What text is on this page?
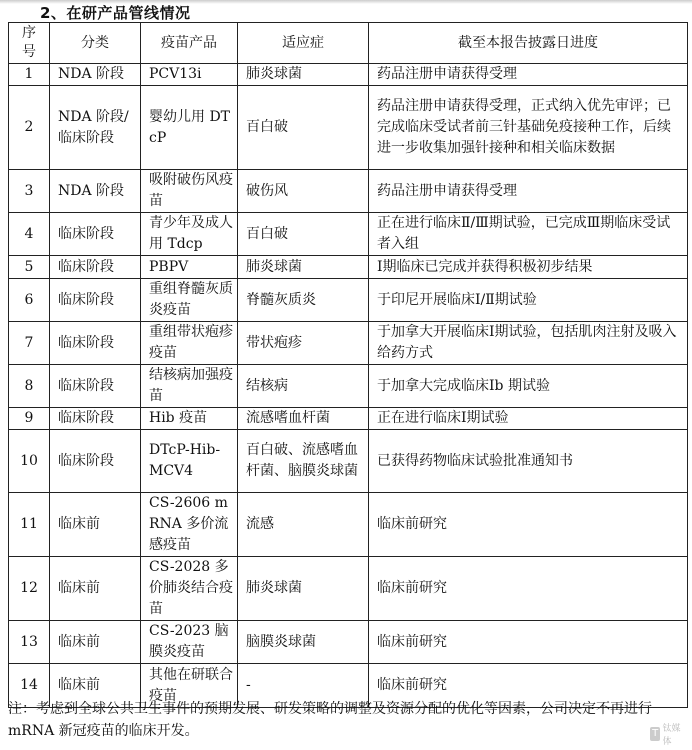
2、在研产品管线情况
序号	分类	疫苗产品	适应症	截至本报告披露日进度
1	NDA 阶段	PCV13i	肺炎球菌	药品注册申请获得受理
2	NDA 阶段/临床阶段	婴幼儿用 DTcP	百白破	药品注册申请获得受理，正式纳入优先审评；已完成临床受试者前三针基础免疫接种工作，后续进一步收集加强针接种和相关临床数据
3	NDA 阶段	吸附破伤风疫苗	破伤风	药品注册申请获得受理
4	临床阶段	青少年及成人用 Tdcp	百白破	正在进行临床Ⅱ/Ⅲ期试验，已完成Ⅲ期临床受试者入组
5	临床阶段	PBPV	肺炎球菌	Ⅰ期临床已完成并获得积极初步结果
6	临床阶段	重组脊髓灰质炎疫苗	脊髓灰质炎	于印尼开展临床Ⅰ/Ⅱ期试验
7	临床阶段	重组带状疱疹疫苗	带状疱疹	于加拿大开展临床Ⅰ期试验，包括肌肉注射及吸入给药方式
8	临床阶段	结核病加强疫苗	结核病	于加拿大完成临床Ⅰb 期试验
9	临床阶段	Hib 疫苗	流感嗜血杆菌	正在进行临床Ⅰ期试验
10	临床阶段	DTcP-Hib-MCV4	百白破、流感嗜血杆菌、脑膜炎球菌	已获得药物临床试验批准通知书
11	临床前	CS-2606 mRNA 多价流感疫苗	流感	临床前研究
12	临床前	CS-2028 多价肺炎结合疫苗	肺炎球菌	临床前研究
13	临床前	CS-2023 脑膜炎疫苗	脑膜炎球菌	临床前研究
14	临床前	其他在研联合疫苗	-	临床前研究
注：考虑到全球公共卫生事件的预期发展、研发策略的调整及资源分配的优化等因素，公司决定不再进行 mRNA 新冠疫苗的临床开发。	T 钛媒体
